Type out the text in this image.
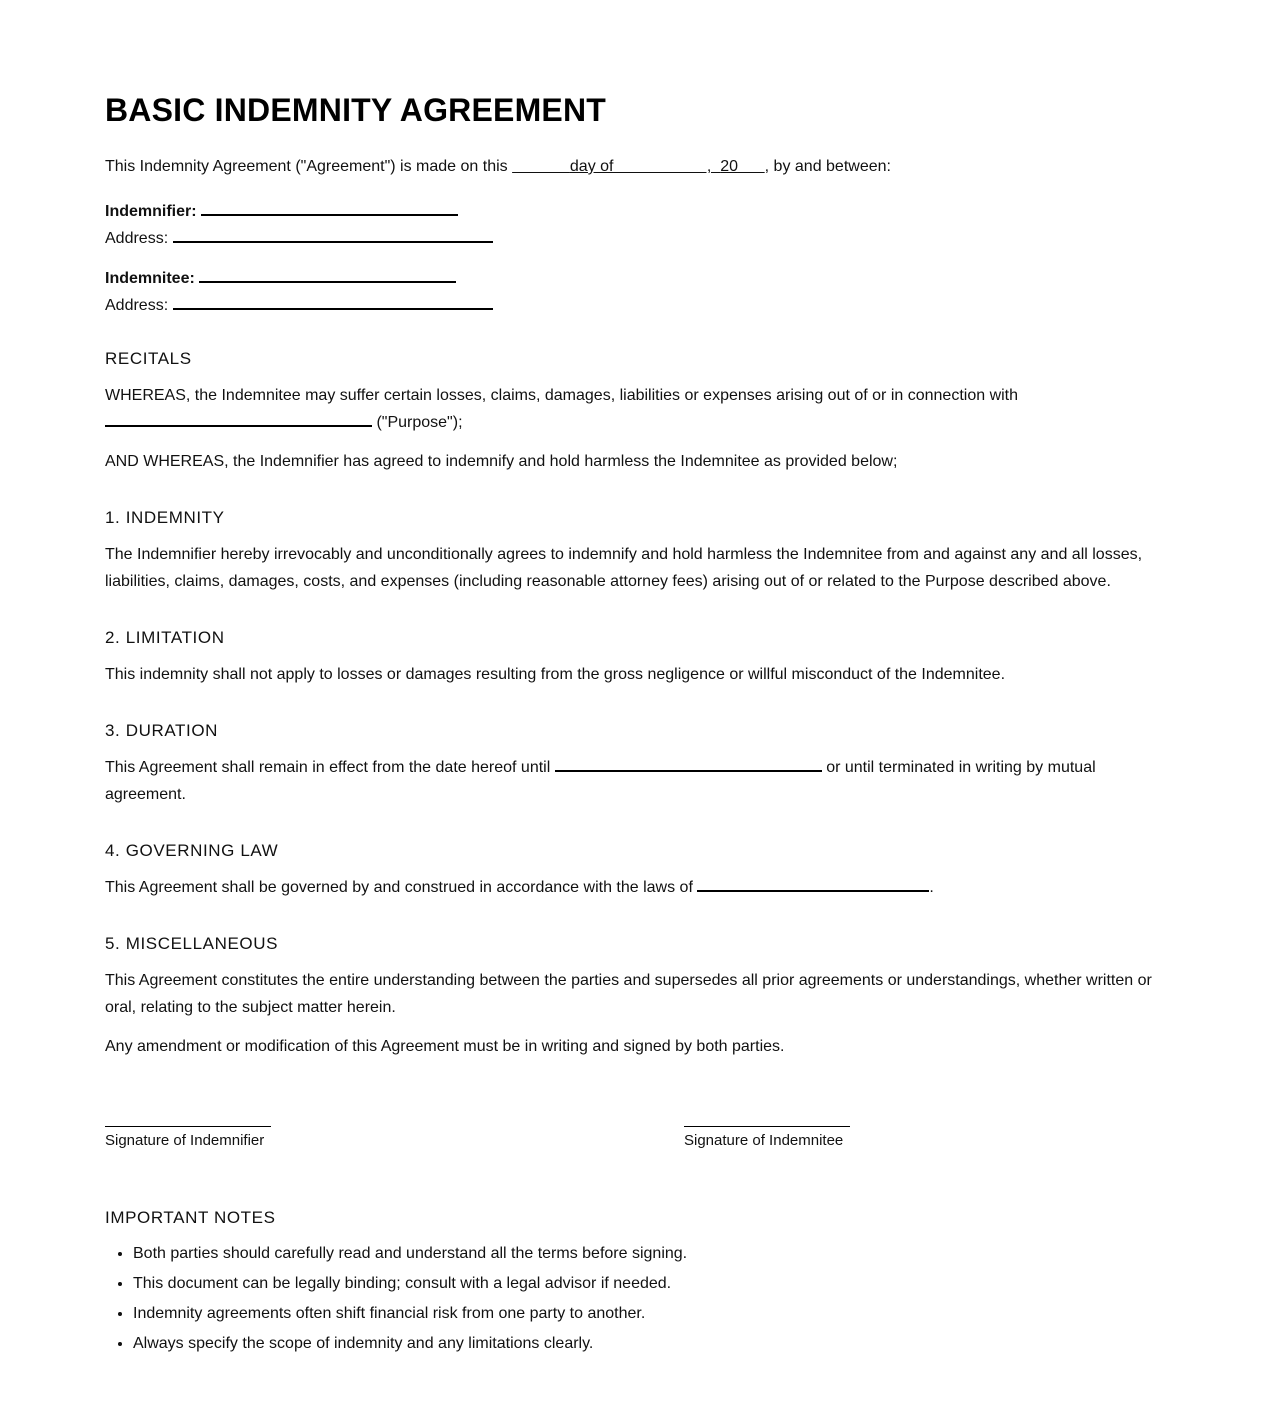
BASIC INDEMNITY AGREEMENT

This Indemnity Agreement ("Agreement") is made on this	day of                     ,  20 , by and between:

Indemnifier:

Address:

Indemnitee:

Address:

RECITALS

WHEREAS, the Indemnitee may suffer certain losses, claims, damages, liabilities or expenses arising out of or in connection with  ("Purpose");

AND WHEREAS, the Indemnifier has agreed to indemnify and hold harmless the Indemnitee as provided below;

1. INDEMNITY

The Indemnifier hereby irrevocably and unconditionally agrees to indemnify and hold harmless the Indemnitee from and against any and all losses, liabilities, claims, damages, costs, and expenses (including reasonable attorney fees) arising out of or related to the Purpose described above.

2. LIMITATION

This indemnity shall not apply to losses or damages resulting from the gross negligence or willful misconduct of the Indemnitee.

3. DURATION

This Agreement shall remain in effect from the date hereof until	or until terminated in writing by mutual agreement.

4. GOVERNING LAW

This Agreement shall be governed by and construed in accordance with the laws of	.

5. MISCELLANEOUS

This Agreement constitutes the entire understanding between the parties and supersedes all prior agreements or understandings, whether written or oral, relating to the subject matter herein.

Any amendment or modification of this Agreement must be in writing and signed by both parties.

Signature of Indemnifier	Signature of Indemnitee
IMPORTANT NOTES
• Both parties should carefully read and understand all the terms before signing.
• This document can be legally binding; consult with a legal advisor if needed.
• Indemnity agreements often shift financial risk from one party to another.
• Always specify the scope of indemnity and any limitations clearly.
